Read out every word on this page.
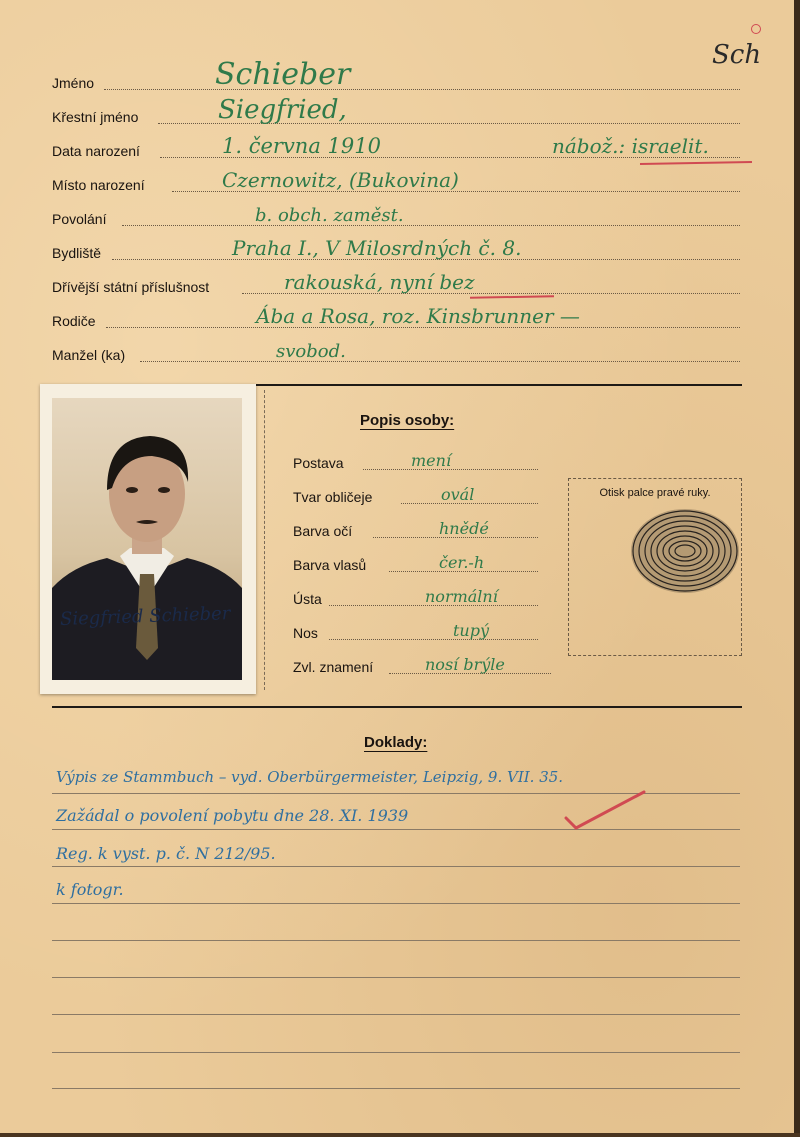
Sch
Jméno	Schieber
Křestní jméno	Siegfried,
Data narození	1. června 1910	nábož.: israelit.
Místo narození	Czernowitz, (Bukovina)
Povolání	b. obch. zaměst.
Bydliště	Praha I., V Milosrdných č. 8.
Dřívější státní příslušnost	rakouská, nyní bez
Rodiče	Ába a Rosa, roz. Kinsbrunner —
Manžel (ka)	svobod.
Siegfried Schieber
Popis osoby:
Postava	mení
Tvar obličeje	ovál
Barva očí	hnědé
Barva vlasů	čer.-h
Ústa	normální
Nos	tupý
Zvl. znamení	nosí brýle
Otisk palce pravé ruky.
Doklady:
Výpis ze Stammbuch – vyd. Oberbürgermeister, Leipzig, 9. VII. 35.
Zažádal o povolení pobytu dne 28. XI. 1939
Reg. k vyst. p. č. N 212/95.
k fotogr.
